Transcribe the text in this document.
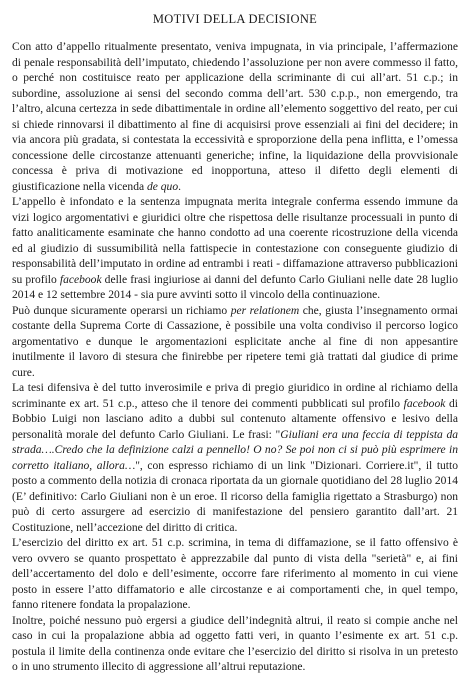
MOTIVI DELLA DECISIONE

Con atto d’appello ritualmente presentato, veniva impugnata, in via principale, l’affermazione di penale responsabilità dell’imputato, chiedendo l’assoluzione per non avere commesso il fatto, o perché non costituisce reato per applicazione della scriminante di cui all’art. 51 c.p.; in subordine, assoluzione ai sensi del secondo comma dell’art. 530 c.p.p., non emergendo, tra l’altro, alcuna certezza in sede dibattimentale in ordine all’elemento soggettivo del reato, per cui si chiede rinnovarsi il dibattimento al fine di acquisirsi prove essenziali ai fini del decidere; in via ancora più gradata, si contestata la eccessività e sproporzione della pena inflitta, e l’omessa concessione delle circostanze attenuanti generiche; infine, la liquidazione della provvisionale concessa è priva di motivazione ed inopportuna, atteso il difetto degli elementi di giustificazione nella vicenda de quo.

L’appello è infondato e la sentenza impugnata merita integrale conferma essendo immune da vizi logico argomentativi e giuridici oltre che rispettosa delle risultanze processuali in punto di fatto analiticamente esaminate che hanno condotto ad una coerente ricostruzione della vicenda ed al giudizio di sussumibilità nella fattispecie in contestazione con conseguente giudizio di responsabilità dell’imputato in ordine ad entrambi i reati - diffamazione attraverso pubblicazioni su profilo facebook delle frasi ingiuriose ai danni del defunto Carlo Giuliani nelle date 28 luglio 2014 e 12 settembre 2014 - sia pure avvinti sotto il vincolo della continuazione.

Può dunque sicuramente operarsi un richiamo per relationem che, giusta l’insegnamento ormai costante della Suprema Corte di Cassazione, è possibile una volta condiviso il percorso logico argomentativo e dunque le argomentazioni esplicitate anche al fine di non appesantire inutilmente il lavoro di stesura che finirebbe per ripetere temi già trattati dal giudice di prime cure.

La tesi difensiva è del tutto inverosimile e priva di pregio giuridico in ordine al richiamo della scriminante ex art. 51 c.p., atteso che il tenore dei commenti pubblicati sul profilo facebook di Bobbio Luigi non lasciano adito a dubbi sul contenuto altamente offensivo e lesivo della personalità morale del defunto Carlo Giuliani. Le frasi: "Giuliani era una feccia di teppista da strada….Credo che la definizione calzi a pennello! O no? Se poi non ci si può più esprimere in corretto italiano, allora…", con espresso richiamo di un link "Dizionari. Corriere.it", il tutto posto a commento della notizia di cronaca riportata da un giornale quotidiano del 28 luglio 2014 (E’ definitivo: Carlo Giuliani non è un eroe. Il ricorso della famiglia rigettato a Strasburgo) non può di certo assurgere ad esercizio di manifestazione del pensiero garantito dall’art. 21 Costituzione, nell’accezione del diritto di critica.

L’esercizio del diritto ex art. 51 c.p. scrimina, in tema di diffamazione, se il fatto offensivo è vero ovvero se quanto prospettato è apprezzabile dal punto di vista della "serietà" e, ai fini dell’accertamento del dolo e dell’esimente, occorre fare riferimento al momento in cui viene posto in essere l’atto diffamatorio e alle circostanze e ai comportamenti che, in quel tempo, fanno ritenere fondata la propalazione.

Inoltre, poiché nessuno può ergersi a giudice dell’indegnità altrui, il reato si compie anche nel caso in cui la propalazione abbia ad oggetto fatti veri, in quanto l’esimente ex art. 51 c.p. postula il limite della continenza onde evitare che l’esercizio del diritto si risolva in un pretesto o in uno strumento illecito di aggressione all’altrui reputazione.
